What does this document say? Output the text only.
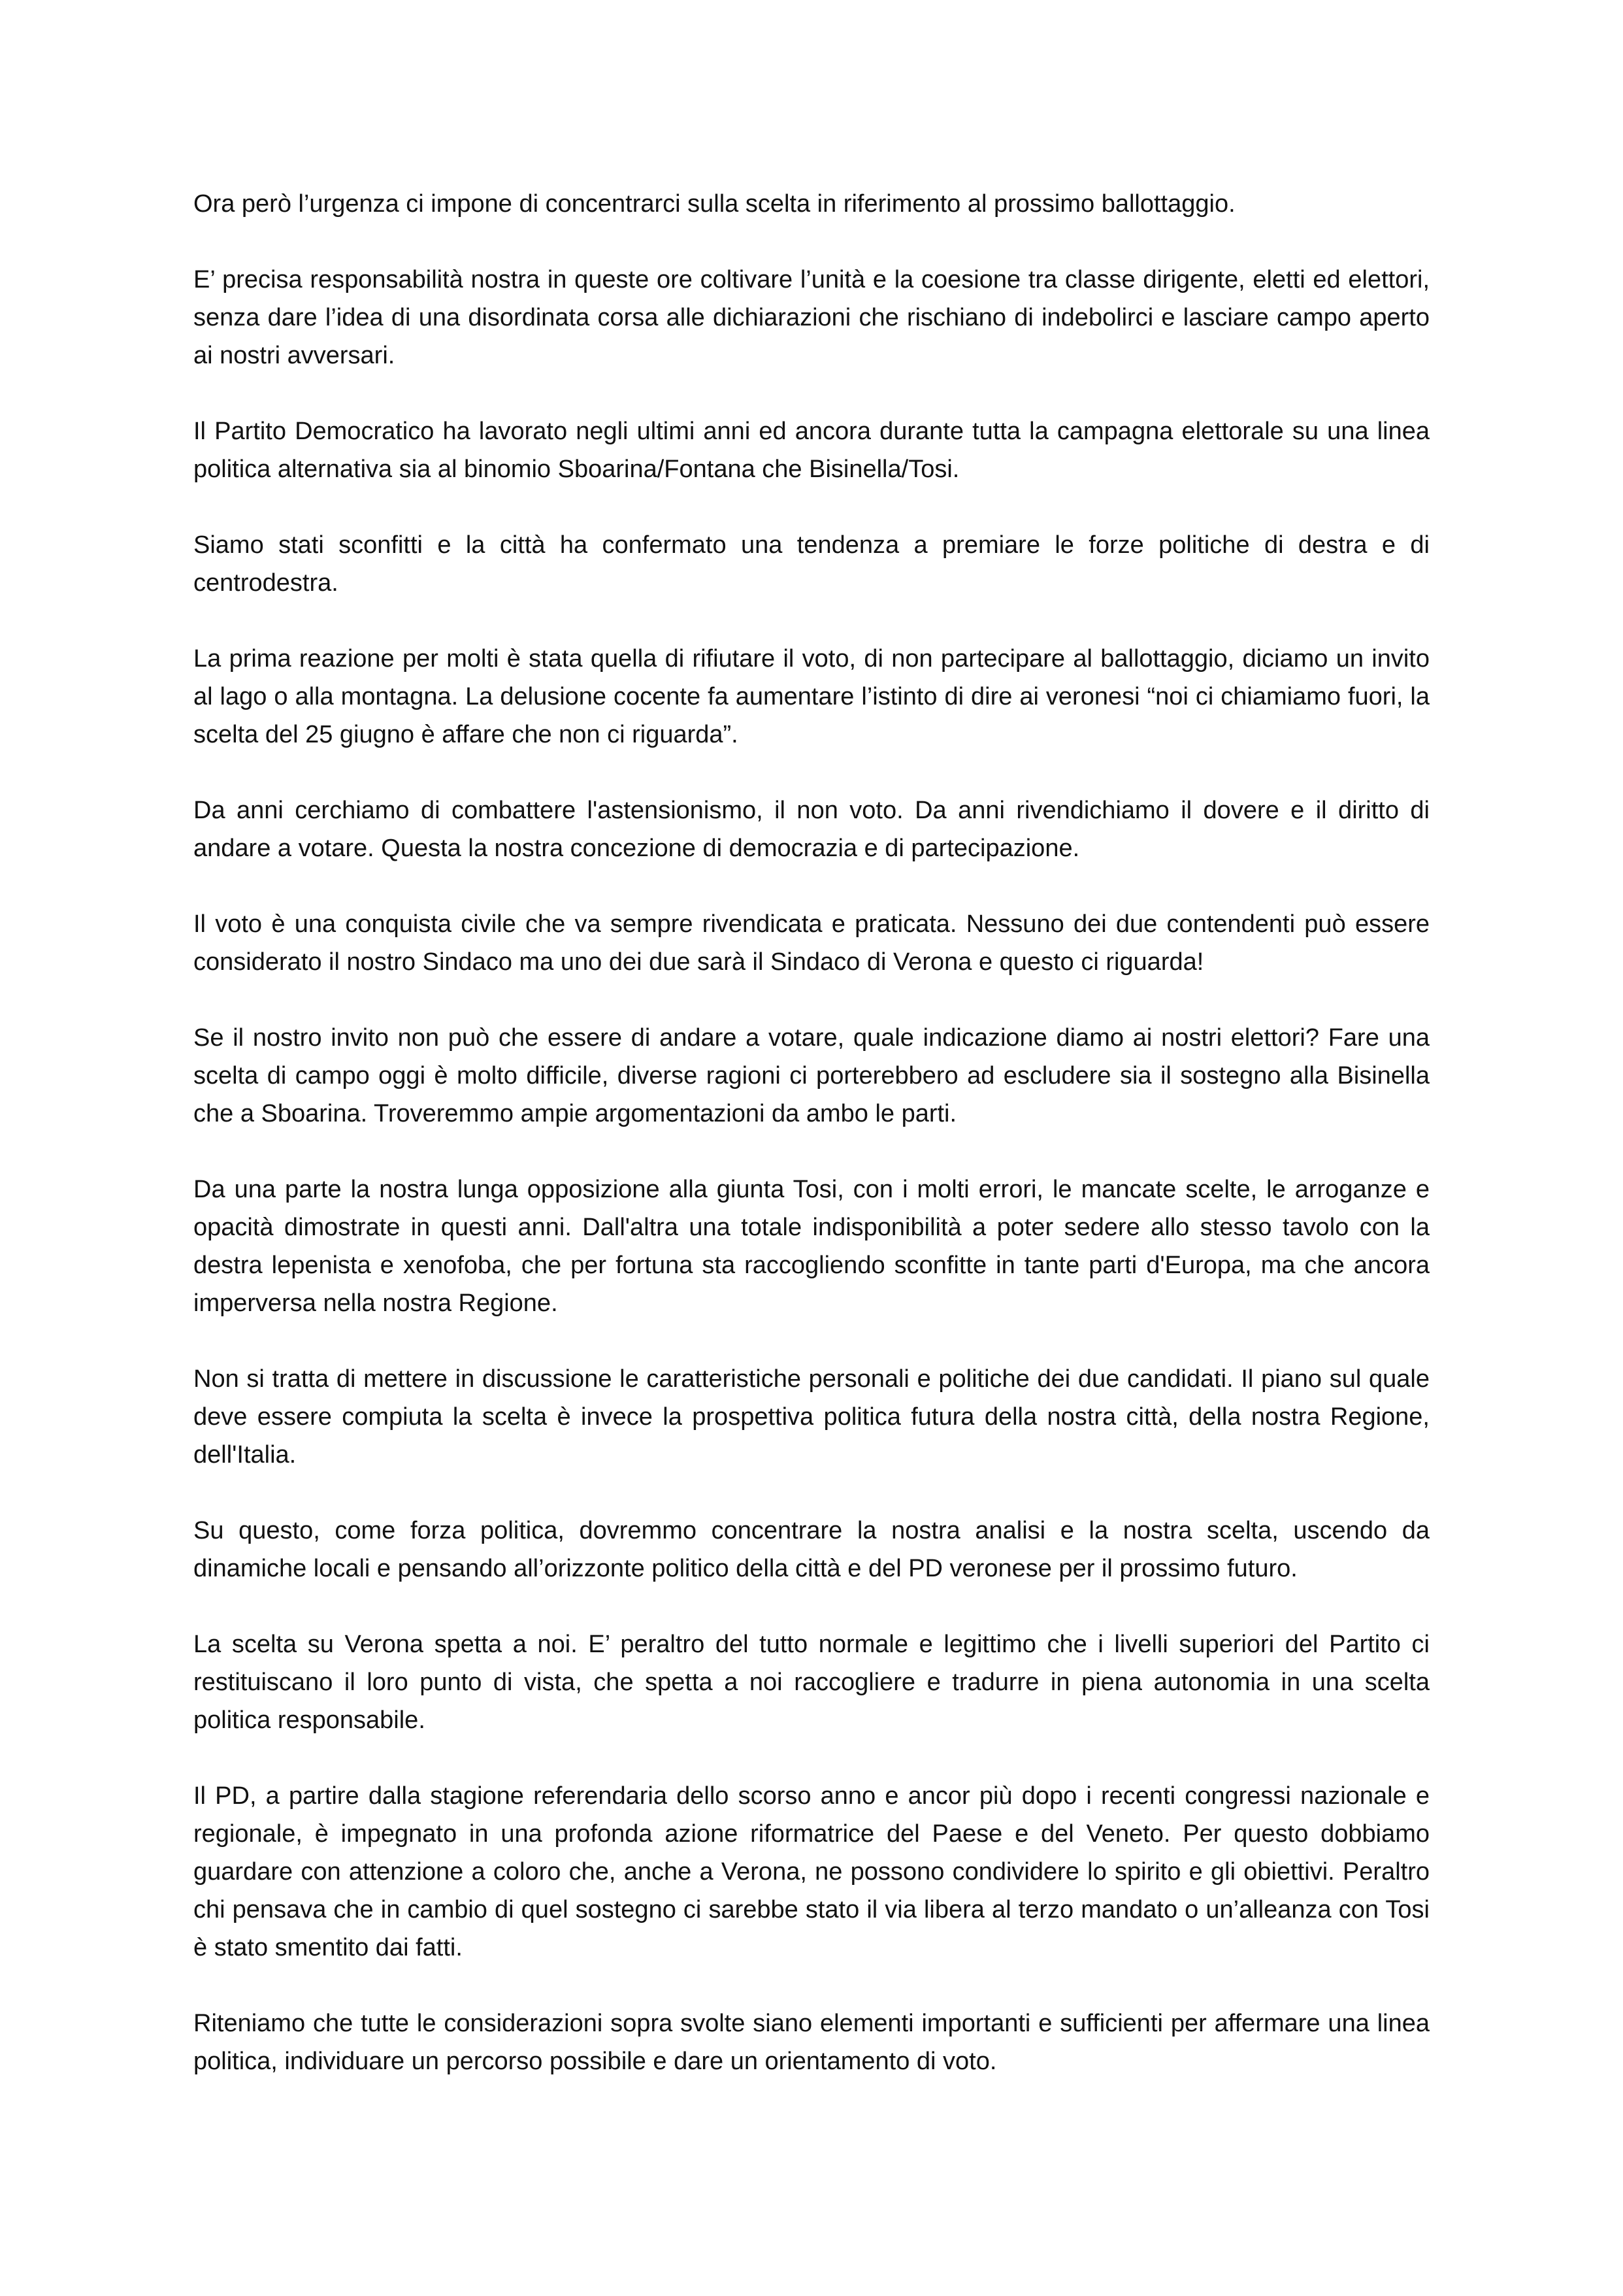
Ora però l’urgenza ci impone di concentrarci sulla scelta in riferimento al prossimo ballottaggio.

E’ precisa responsabilità nostra in queste ore coltivare l’unità e la coesione tra classe dirigente, eletti ed elettori, senza dare l’idea di una disordinata corsa alle dichiarazioni che rischiano di indebolirci e lasciare campo aperto ai nostri avversari.

Il Partito Democratico ha lavorato negli ultimi anni ed ancora durante tutta la campagna elettorale su una linea politica alternativa sia al binomio Sboarina/Fontana che Bisinella/Tosi.

Siamo stati sconfitti e la città ha confermato una tendenza a premiare le forze politiche di destra e di centrodestra.

La prima reazione per molti è stata quella di rifiutare il voto, di non partecipare al ballottaggio, diciamo un invito al lago o alla montagna. La delusione cocente fa aumentare l’istinto di dire ai veronesi “noi ci chiamiamo fuori, la scelta del 25 giugno è affare che non ci riguarda”.

Da anni cerchiamo di combattere l'astensionismo, il non voto. Da anni rivendichiamo il dovere e il diritto di andare a votare. Questa la nostra concezione di democrazia e di partecipazione.

Il voto è una conquista civile che va sempre rivendicata e praticata. Nessuno dei due contendenti può essere considerato il nostro Sindaco ma uno dei due sarà il Sindaco di Verona e questo ci riguarda!

Se il nostro invito non può che essere di andare a votare, quale indicazione diamo ai nostri elettori? Fare una scelta di campo oggi è molto difficile, diverse ragioni ci porterebbero ad escludere sia il sostegno alla Bisinella che a Sboarina. Troveremmo ampie argomentazioni da ambo le parti.

Da una parte la nostra lunga opposizione alla giunta Tosi, con i molti errori, le mancate scelte, le arroganze e opacità dimostrate in questi anni. Dall'altra una totale indisponibilità a poter sedere allo stesso tavolo con la destra lepenista e xenofoba, che per fortuna sta raccogliendo sconfitte in tante parti d'Europa, ma che ancora imperversa nella nostra Regione.

Non si tratta di mettere in discussione le caratteristiche personali e politiche dei due candidati. Il piano sul quale deve essere compiuta la scelta è invece la prospettiva politica futura della nostra città, della nostra Regione, dell'Italia.

Su questo, come forza politica, dovremmo concentrare la nostra analisi e la nostra scelta, uscendo da dinamiche locali e pensando all’orizzonte politico della città e del PD veronese per il prossimo futuro.

La scelta su Verona spetta a noi. E’ peraltro del tutto normale e legittimo che i livelli superiori del Partito ci restituiscano il loro punto di vista, che spetta a noi raccogliere e tradurre in piena autonomia in una scelta politica responsabile.

Il PD, a partire dalla stagione referendaria dello scorso anno e ancor più dopo i recenti congressi nazionale e regionale, è impegnato in una profonda azione riformatrice del Paese e del Veneto. Per questo dobbiamo guardare con attenzione a coloro che, anche a Verona, ne possono condividere lo spirito e gli obiettivi. Peraltro chi pensava che in cambio di quel sostegno ci sarebbe stato il via libera al terzo mandato o un’alleanza con Tosi è stato smentito dai fatti.

Riteniamo che tutte le considerazioni sopra svolte siano elementi importanti e sufficienti per affermare una linea politica, individuare un percorso possibile e dare un orientamento di voto.
